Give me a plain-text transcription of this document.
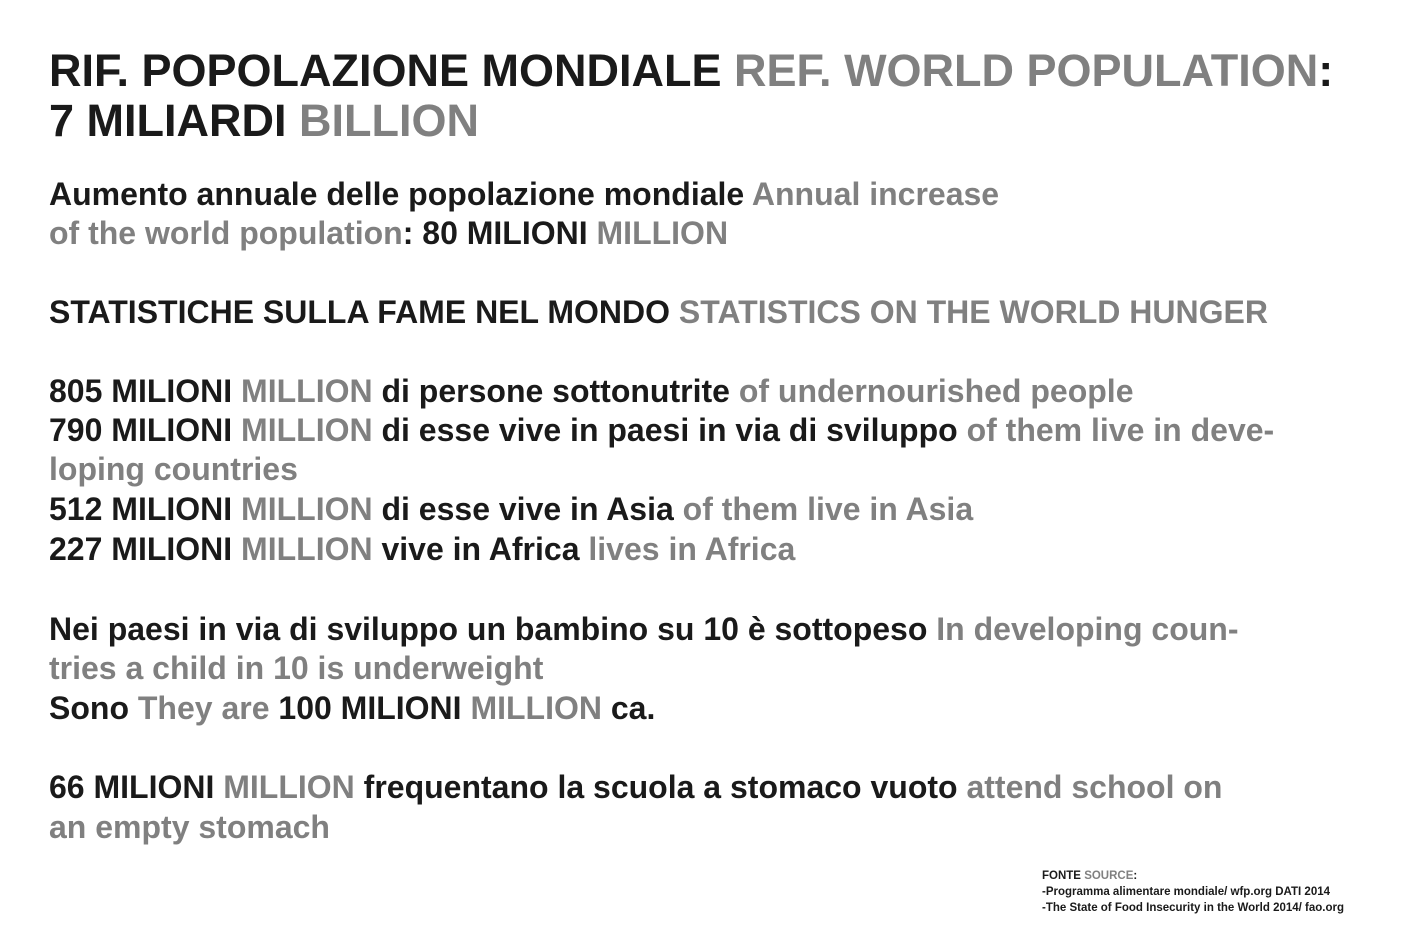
RIF. POPOLAZIONE MONDIALE REF. WORLD POPULATION:
7 MILIARDI BILLION
Aumento annuale delle popolazione mondiale Annual increase
of the world population: 80 MILIONI MILLION
STATISTICHE SULLA FAME NEL MONDO STATISTICS ON THE WORLD HUNGER
805 MILIONI MILLION di persone sottonutrite of undernourished people
790 MILIONI MILLION di esse vive in paesi in via di sviluppo of them live in deve-
loping countries
512 MILIONI MILLION di esse vive in Asia of them live in Asia
227 MILIONI MILLION vive in Africa lives in Africa
Nei paesi in via di sviluppo un bambino su 10 è sottopeso In developing coun-
tries a child in 10 is underweight
Sono They are 100 MILIONI MILLION ca.
66 MILIONI MILLION frequentano la scuola a stomaco vuoto attend school on
an empty stomach
FONTE SOURCE:
-Programma alimentare mondiale/ wfp.org DATI 2014
-The State of Food Insecurity in the World 2014/ fao.org
